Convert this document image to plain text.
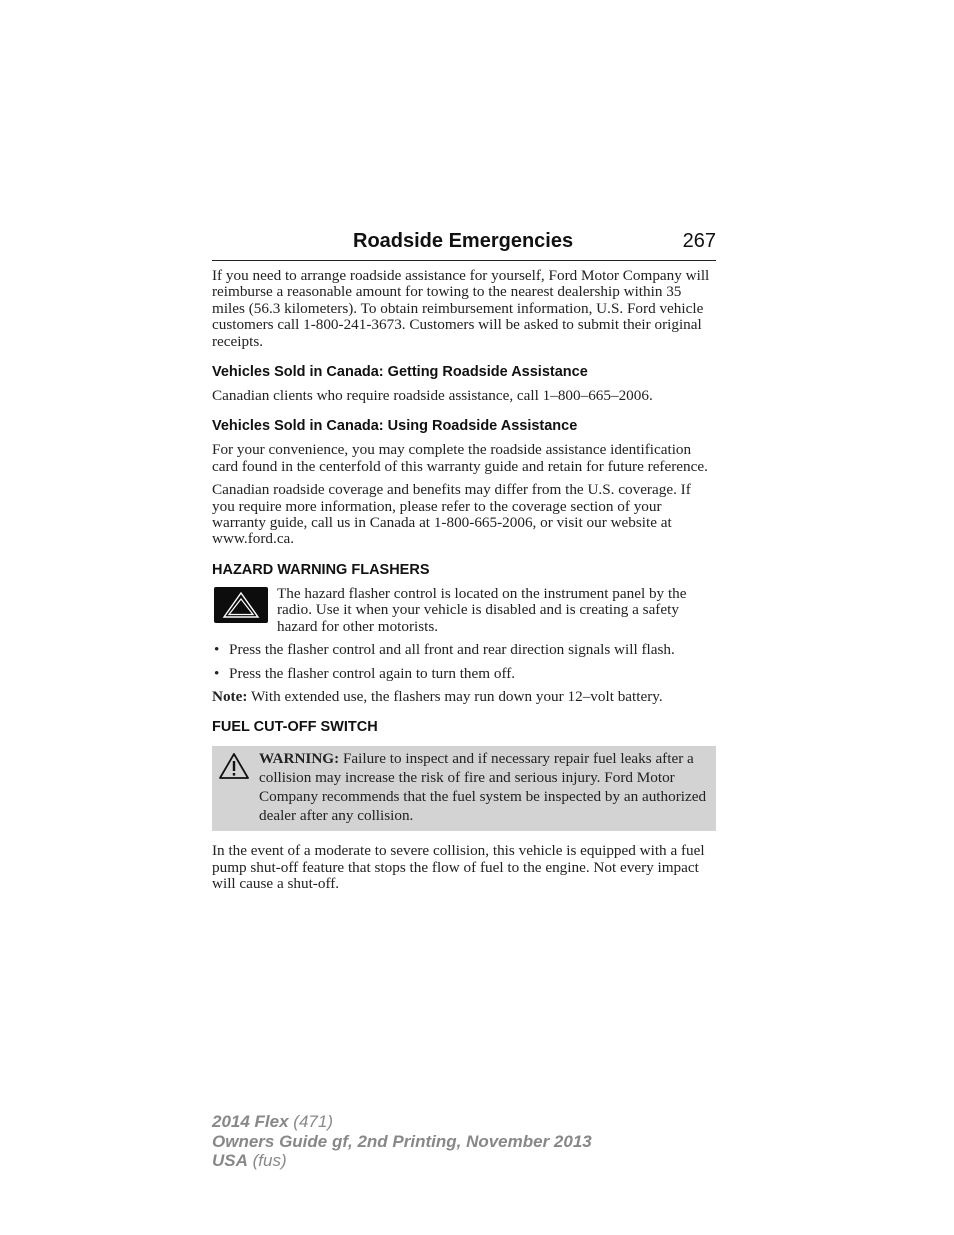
Roadside Emergencies	267

If you need to arrange roadside assistance for yourself, Ford Motor Company will reimburse a reasonable amount for towing to the nearest dealership within 35 miles (56.3 kilometers). To obtain reimbursement information, U.S. Ford vehicle customers call 1-800-241-3673. Customers will be asked to submit their original receipts.

Vehicles Sold in Canada: Getting Roadside Assistance

Canadian clients who require roadside assistance, call 1–800–665–2006.

Vehicles Sold in Canada: Using Roadside Assistance

For your convenience, you may complete the roadside assistance identification card found in the centerfold of this warranty guide and retain for future reference.

Canadian roadside coverage and benefits may differ from the U.S. coverage. If you require more information, please refer to the coverage section of your warranty guide, call us in Canada at 1-800-665-2006, or visit our website at www.ford.ca.

HAZARD WARNING FLASHERS
The hazard flasher control is located on the instrument panel by the radio. Use it when your vehicle is disabled and is creating a safety hazard for other motorists.
• Press the flasher control and all front and rear direction signals will flash.
• Press the flasher control again to turn them off.

Note: With extended use, the flashers may run down your 12–volt battery.

FUEL CUT-OFF SWITCH
WARNING: Failure to inspect and if necessary repair fuel leaks after a collision may increase the risk of fire and serious injury. Ford Motor Company recommends that the fuel system be inspected by an authorized dealer after any collision.

In the event of a moderate to severe collision, this vehicle is equipped with a fuel pump shut-off feature that stops the flow of fuel to the engine. Not every impact will cause a shut-off.

2014 Flex (471)
Owners Guide gf, 2nd Printing, November 2013
USA (fus)
